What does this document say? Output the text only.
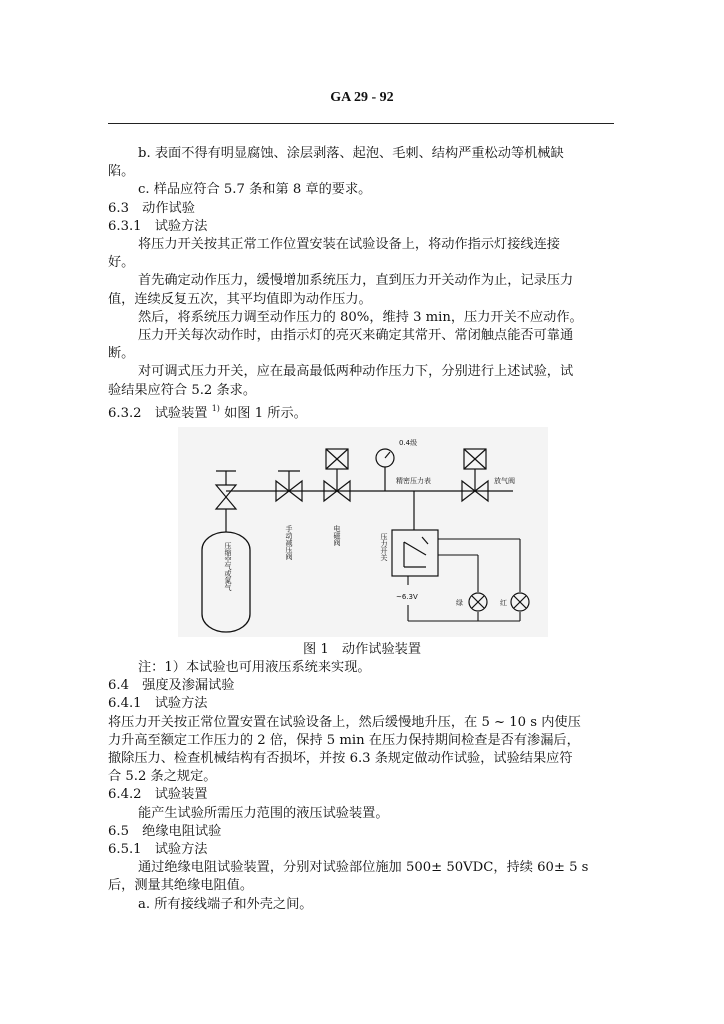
GA 29 - 92

b. 表面不得有明显腐蚀、涂层剥落、起泡、毛刺、结构严重松动等机械缺

陷。

c. 样品应符合 5.7 条和第 8 章的要求。

6.3　动作试验

6.3.1　试验方法

将压力开关按其正常工作位置安装在试验设备上，将动作指示灯接线连接

好。

首先确定动作压力，缓慢增加系统压力，直到压力开关动作为止，记录压力

值，连续反复五次，其平均值即为动作压力。

然后，将系统压力调至动作压力的 80%，维持 3 min，压力开关不应动作。

压力开关每次动作时，由指示灯的亮灭来确定其常开、常闭触点能否可靠通

断。

对可调式压力开关，应在最高最低两种动作压力下，分别进行上述试验，试

验结果应符合 5.2 条求。

6.3.2　试验装置 $^{1)}$ 如图 1 所示。

压缩空气或氮气	手动减压阀	电磁阀
0.4级
精密压力表	放气阀
压力开关
~6.3V
绿	红
图 1　动作试验装置

注：1）本试验也可用液压系统来实现。

6.4　强度及渗漏试验

6.4.1　试验方法

将压力开关按正常位置安置在试验设备上，然后缓慢地升压，在 5 ~ 10 s 内使压

力升高至额定工作压力的 2 倍，保持 5 min 在压力保持期间检查是否有渗漏后，

撤除压力、检查机械结构有否损坏，并按 6.3 条规定做动作试验，试验结果应符

合 5.2 条之规定。

6.4.2　试验装置

能产生试验所需压力范围的液压试验装置。

6.5　绝缘电阻试验

6.5.1　试验方法

通过绝缘电阻试验装置，分别对试验部位施加 500± 50VDC，持续 60± 5 s

后，测量其绝缘电阻值。

a. 所有接线端子和外壳之间。
